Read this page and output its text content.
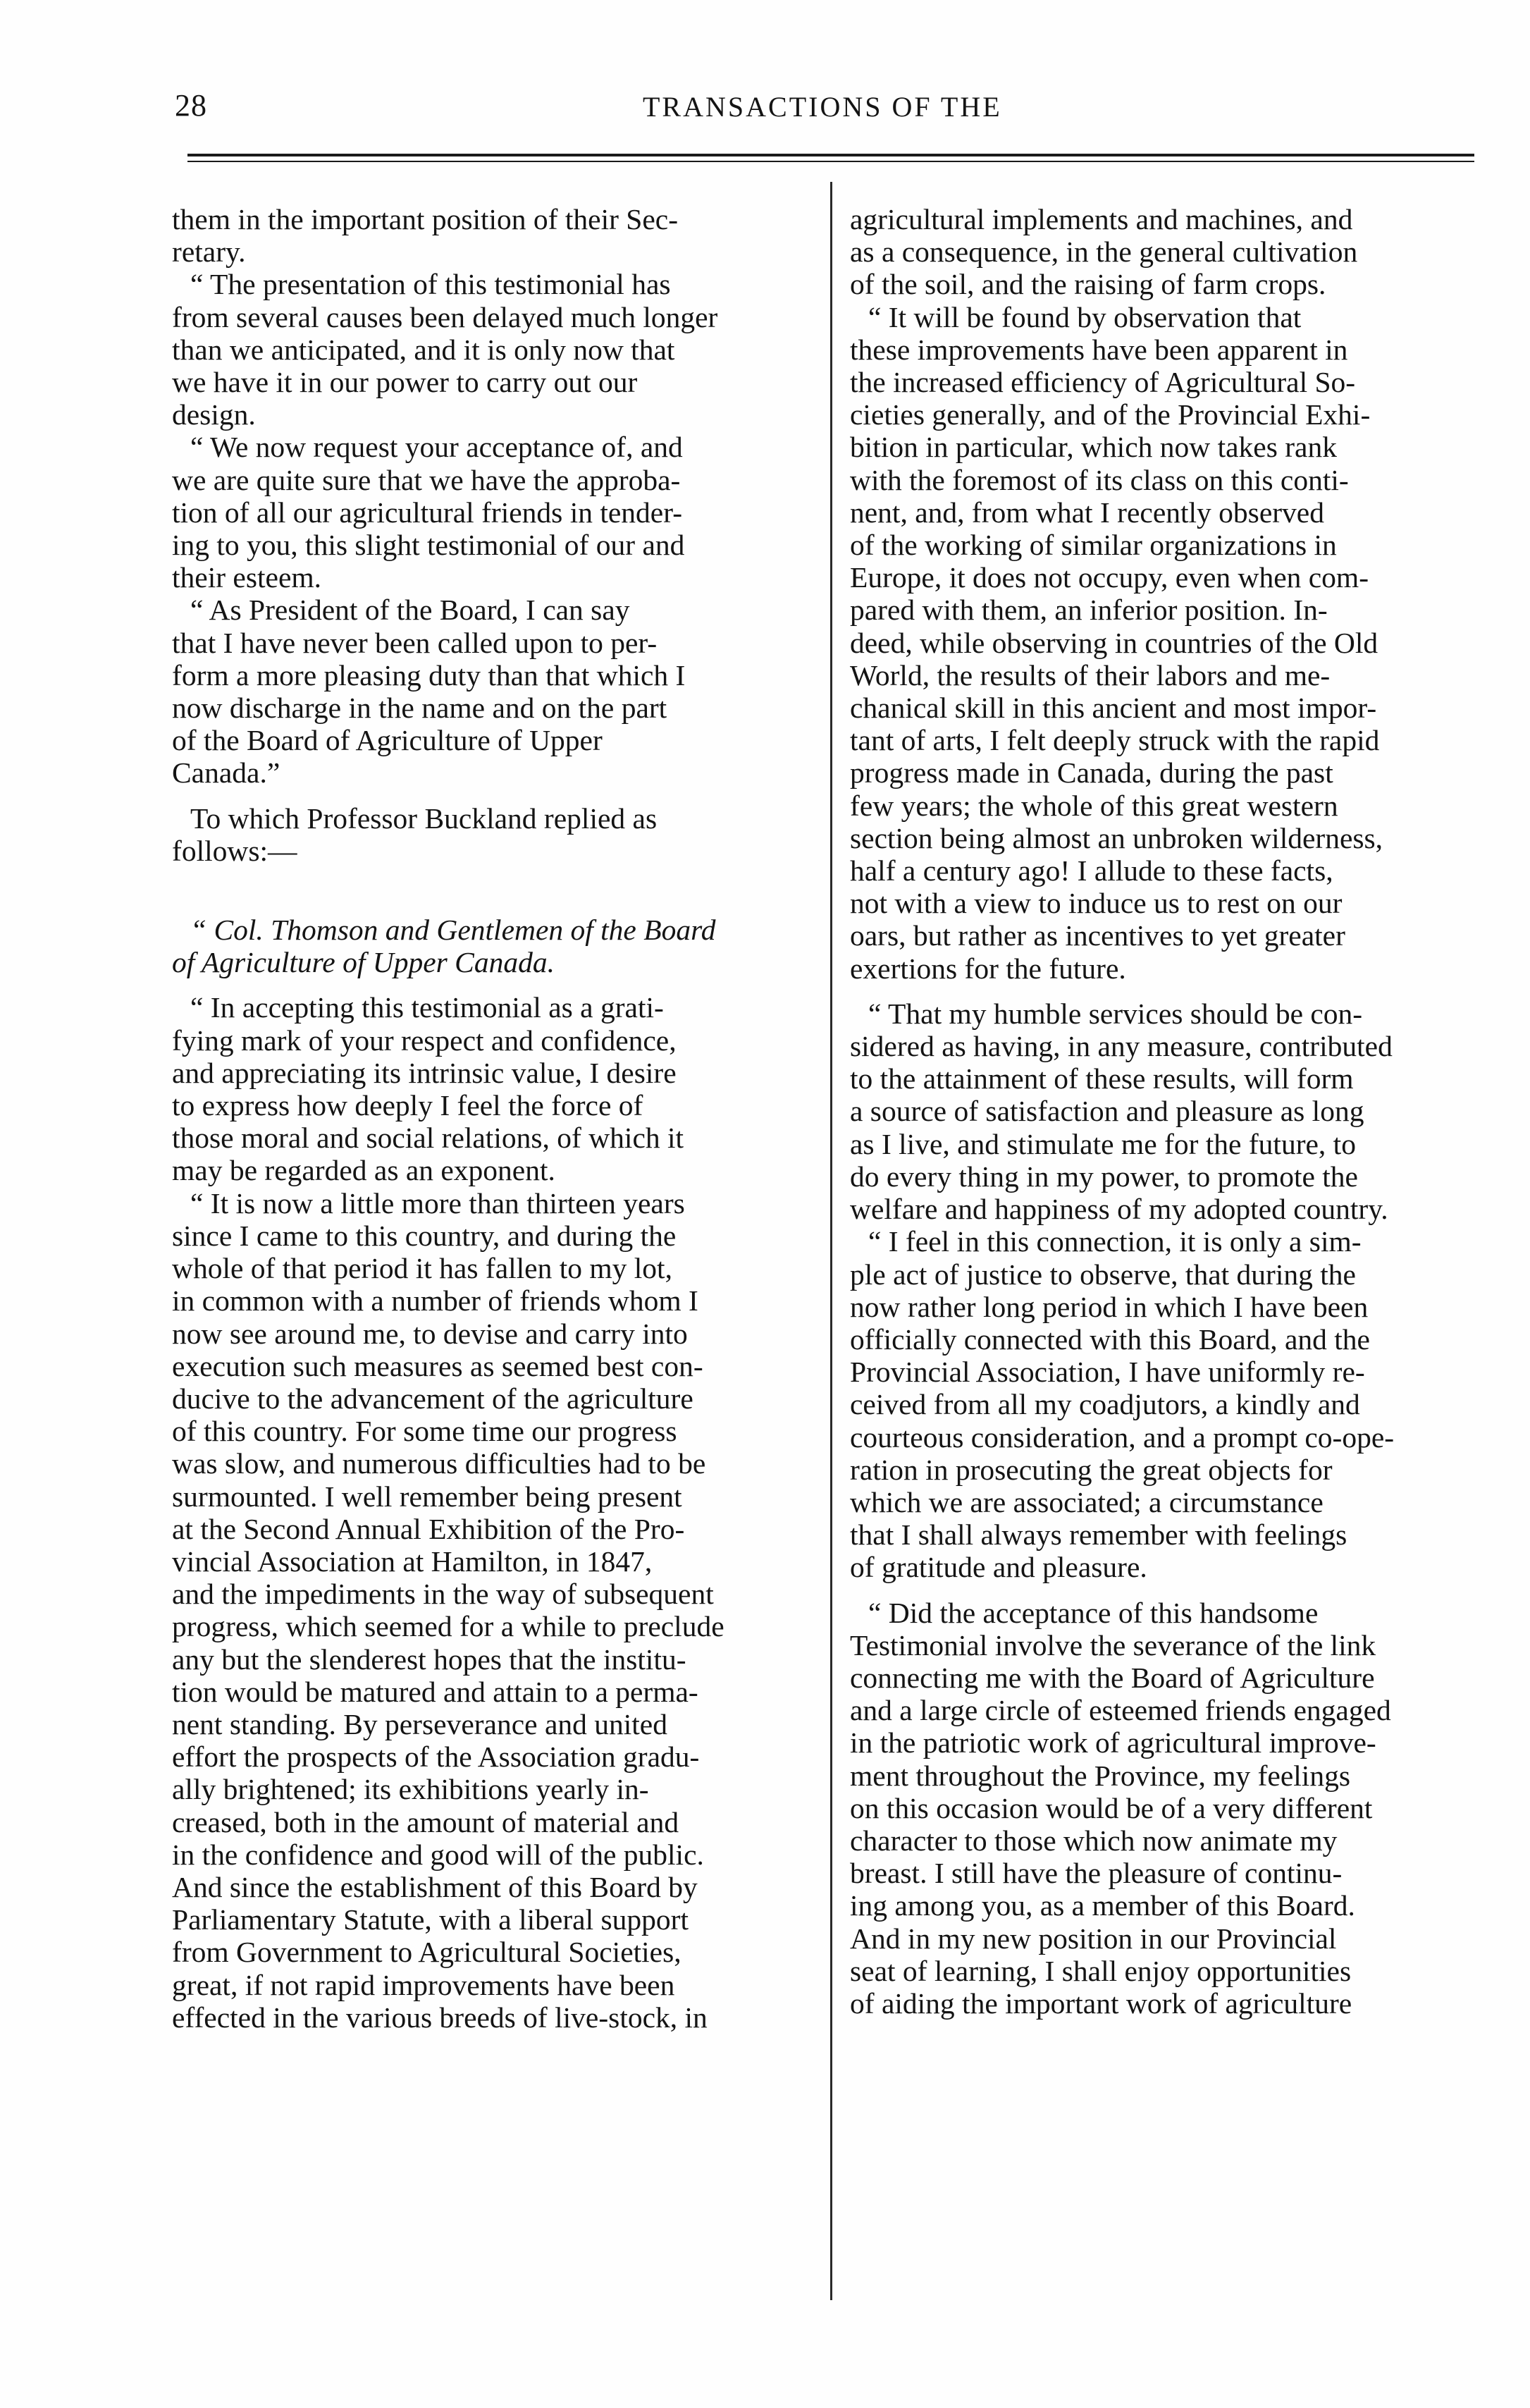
28	TRANSACTIONS OF THE

them in the important position of their Sec-
retary.

“ The presentation of this testimonial has
from several causes been delayed much longer
than we anticipated, and it is only now that
we have it in our power to carry out our
design.

“ We now request your acceptance of, and
we are quite sure that we have the approba-
tion of all our agricultural friends in tender-
ing to you, this slight testimonial of our and
their esteem.

“ As President of the Board, I can say
that I have never been called upon to per-
form a more pleasing duty than that which I
now discharge in the name and on the part
of the Board of Agriculture of Upper
Canada.”

To which Professor Buckland replied as
follows:—

“ Col. Thomson and Gentlemen of the Board
of Agriculture of Upper Canada.

“ In accepting this testimonial as a grati-
fying mark of your respect and confidence,
and appreciating its intrinsic value, I desire
to express how deeply I feel the force of
those moral and social relations, of which it
may be regarded as an exponent.

“ It is now a little more than thirteen years
since I came to this country, and during the
whole of that period it has fallen to my lot,
in common with a number of friends whom I
now see around me, to devise and carry into
execution such measures as seemed best con-
ducive to the advancement of the agriculture
of this country. For some time our progress
was slow, and numerous difficulties had to be
surmounted. I well remember being present
at the Second Annual Exhibition of the Pro-
vincial Association at Hamilton, in 1847,
and the impediments in the way of subsequent
progress, which seemed for a while to preclude
any but the slenderest hopes that the institu-
tion would be matured and attain to a perma-
nent standing. By perseverance and united
effort the prospects of the Association gradu-
ally brightened; its exhibitions yearly in-
creased, both in the amount of material and
in the confidence and good will of the public.
And since the establishment of this Board by
Parliamentary Statute, with a liberal support
from Government to Agricultural Societies,
great, if not rapid improvements have been
effected in the various breeds of live-stock, in

agricultural implements and machines, and
as a consequence, in the general cultivation
of the soil, and the raising of farm crops.

“ It will be found by observation that
these improvements have been apparent in
the increased efficiency of Agricultural So-
cieties generally, and of the Provincial Exhi-
bition in particular, which now takes rank
with the foremost of its class on this conti-
nent, and, from what I recently observed
of the working of similar organizations in
Europe, it does not occupy, even when com-
pared with them, an inferior position. In-
deed, while observing in countries of the Old
World, the results of their labors and me-
chanical skill in this ancient and most impor-
tant of arts, I felt deeply struck with the rapid
progress made in Canada, during the past
few years; the whole of this great western
section being almost an unbroken wilderness,
half a century ago! I allude to these facts,
not with a view to induce us to rest on our
oars, but rather as incentives to yet greater
exertions for the future.

“ That my humble services should be con-
sidered as having, in any measure, contributed
to the attainment of these results, will form
a source of satisfaction and pleasure as long
as I live, and stimulate me for the future, to
do every thing in my power, to promote the
welfare and happiness of my adopted country.

“ I feel in this connection, it is only a sim-
ple act of justice to observe, that during the
now rather long period in which I have been
officially connected with this Board, and the
Provincial Association, I have uniformly re-
ceived from all my coadjutors, a kindly and
courteous consideration, and a prompt co-ope-
ration in prosecuting the great objects for
which we are associated; a circumstance
that I shall always remember with feelings
of gratitude and pleasure.

“ Did the acceptance of this handsome
Testimonial involve the severance of the link
connecting me with the Board of Agriculture
and a large circle of esteemed friends engaged
in the patriotic work of agricultural improve-
ment throughout the Province, my feelings
on this occasion would be of a very different
character to those which now animate my
breast. I still have the pleasure of continu-
ing among you, as a member of this Board.
And in my new position in our Provincial
seat of learning, I shall enjoy opportunities
of aiding the important work of agriculture
